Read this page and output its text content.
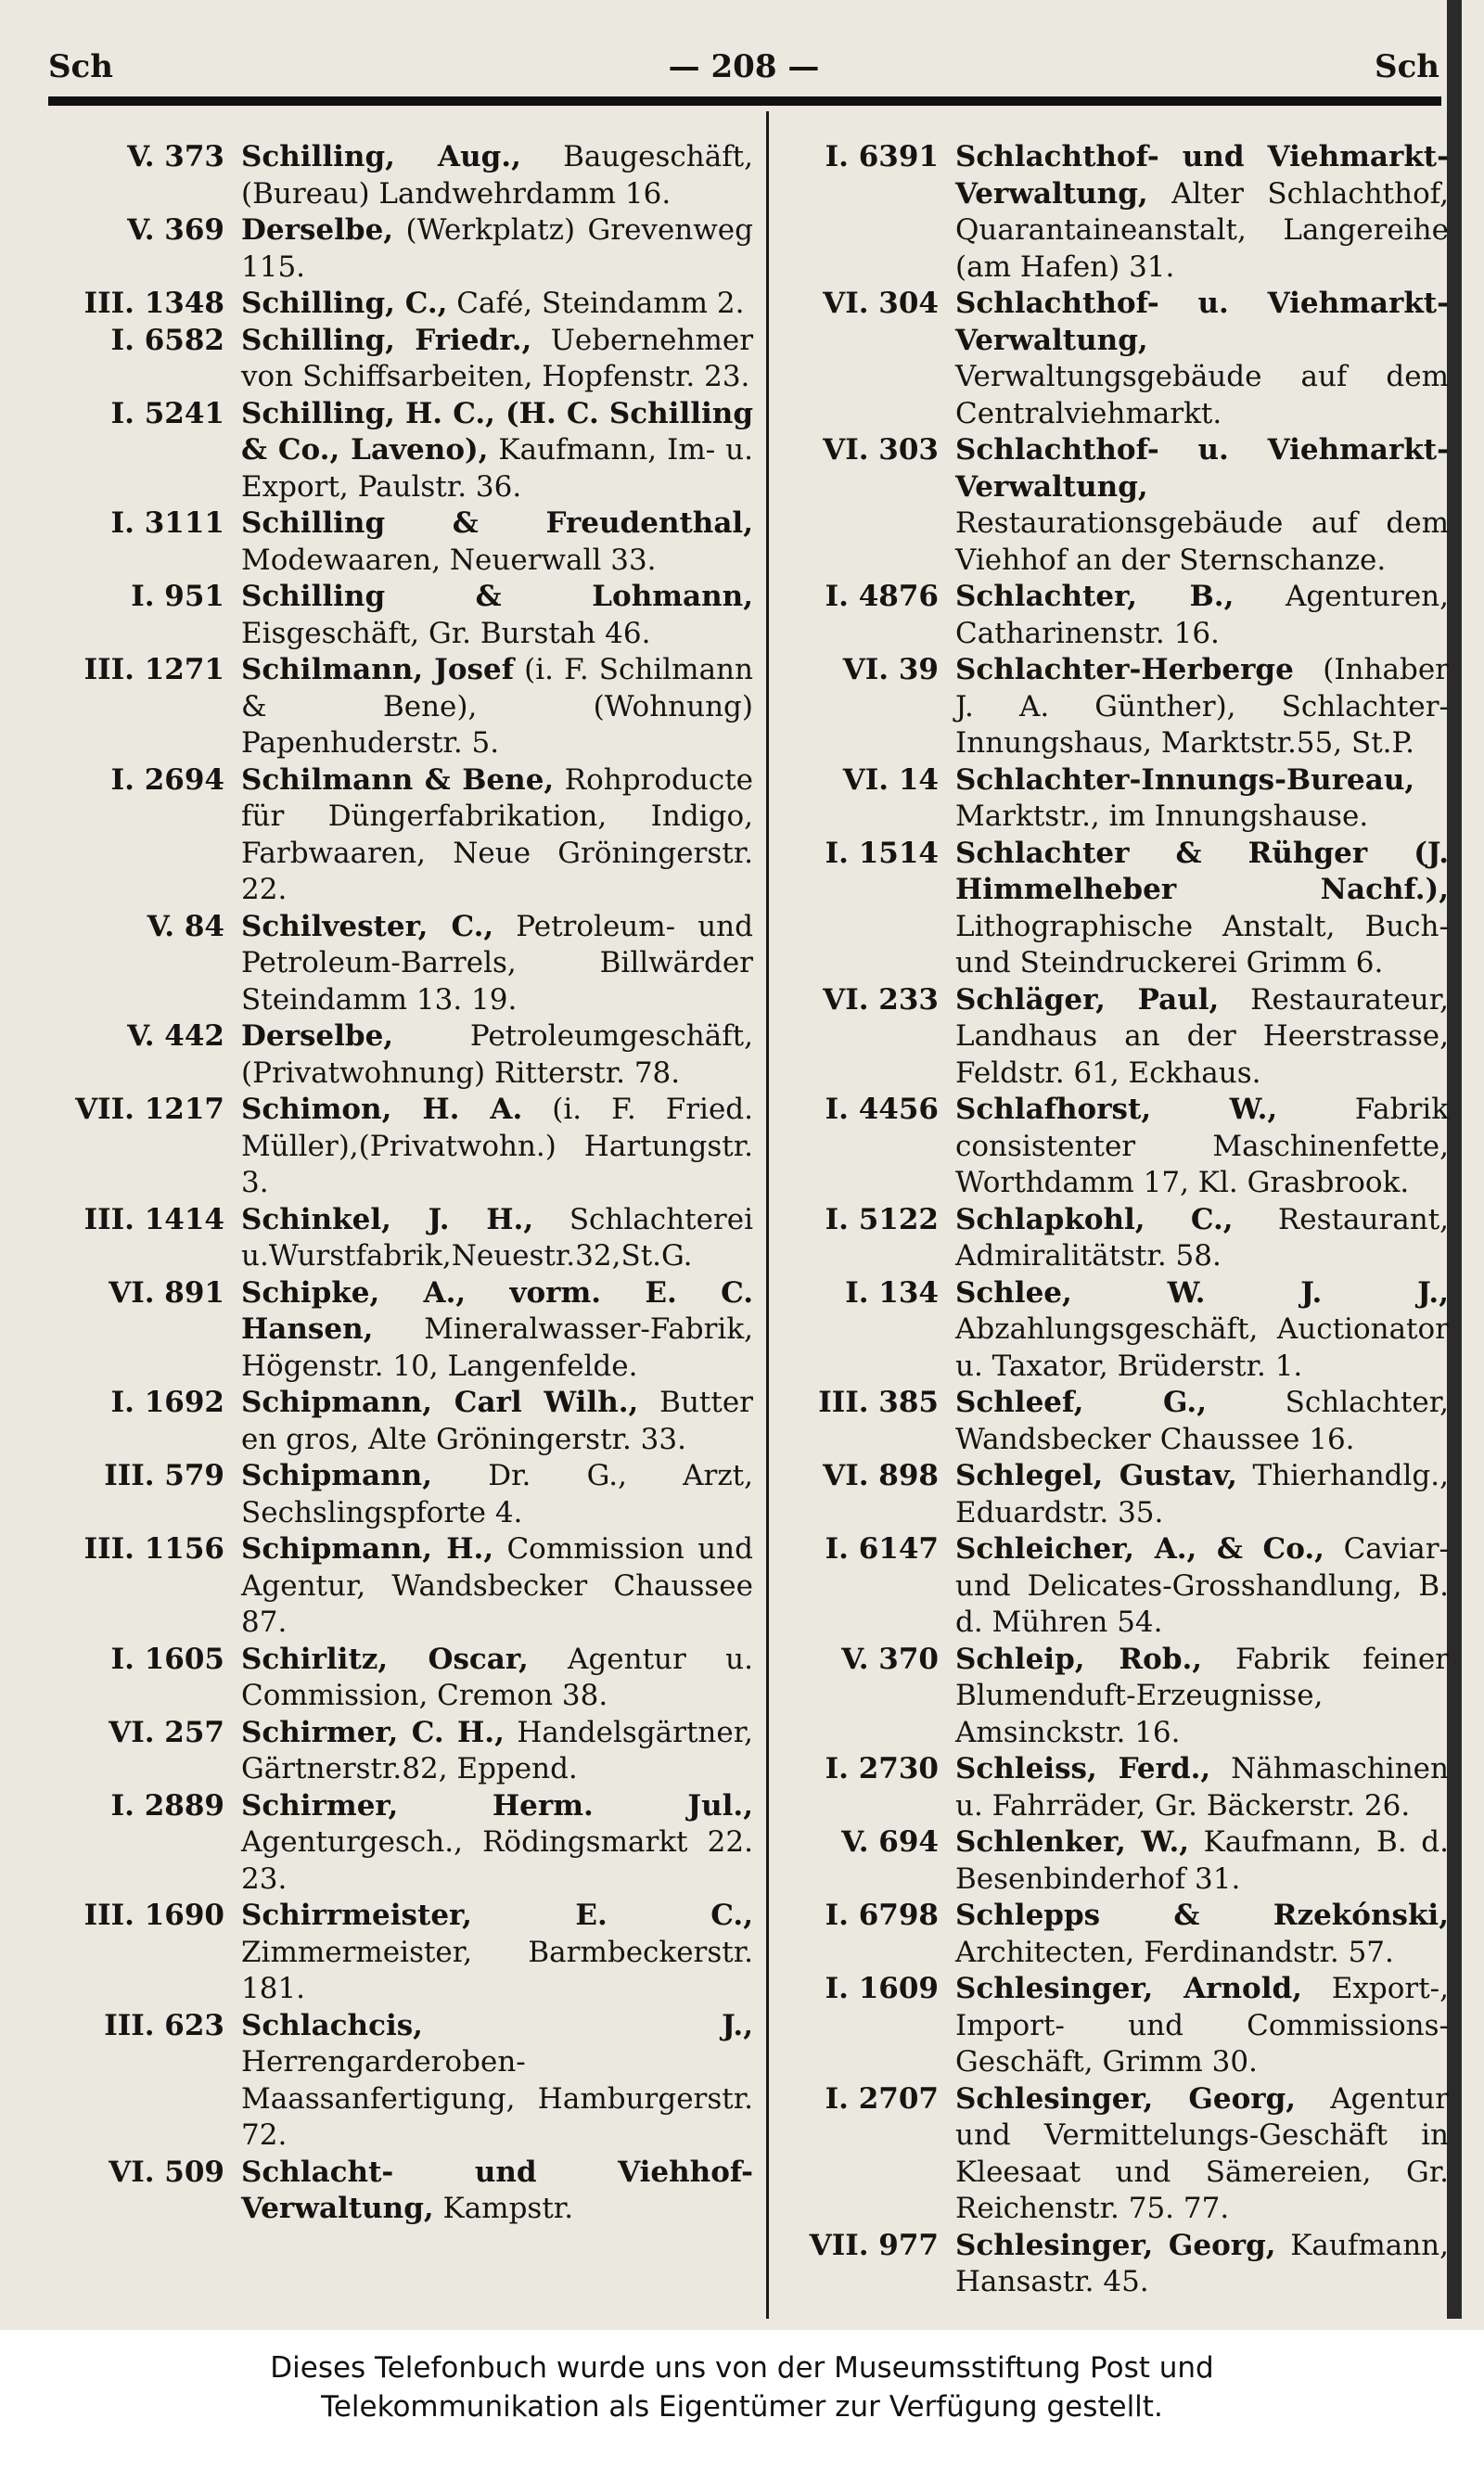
Sch	— 208 —	Sch
V. 373 Schilling, Aug., Baugeschäft, (Bureau) Landwehrdamm 16.
V. 369 Derselbe, (Werkplatz) Grevenweg 115.
III. 1348 Schilling, C., Café, Steindamm 2.
I. 6582 Schilling, Friedr., Uebernehmer von Schiffsarbeiten, Hopfenstr. 23.
I. 5241 Schilling, H. C., (H. C. Schilling & Co., Laveno), Kaufmann, Im- u. Export, Paulstr. 36.
I. 3111 Schilling & Freudenthal, Modewaaren, Neuerwall 33.
I. 951 Schilling & Lohmann, Eisgeschäft, Gr. Burstah 46.
III. 1271 Schilmann, Josef (i. F. Schilmann & Bene), (Wohnung) Papenhuderstr. 5.
I. 2694 Schilmann & Bene, Rohproducte für Düngerfabrikation, Indigo, Farbwaaren, Neue Gröningerstr. 22.
V. 84 Schilvester, C., Petroleum- und Petroleum-Barrels, Billwärder Steindamm 13. 19.
V. 442 Derselbe, Petroleumgeschäft, (Privatwohnung) Ritterstr. 78.
VII. 1217 Schimon, H. A. (i. F. Fried. Müller),(Privatwohn.) Hartungstr. 3.
III. 1414 Schinkel, J. H., Schlachterei u.Wurstfabrik,Neuestr.32,St.G.
VI. 891 Schipke, A., vorm. E. C. Hansen, Mineralwasser-Fabrik, Högenstr. 10, Langenfelde.
I. 1692 Schipmann, Carl Wilh., Butter en gros, Alte Gröningerstr. 33.
III. 579 Schipmann, Dr. G., Arzt, Sechslingspforte 4.
III. 1156 Schipmann, H., Commission und Agentur, Wandsbecker Chaussee 87.
I. 1605 Schirlitz, Oscar, Agentur u. Commission, Cremon 38.
VI. 257 Schirmer, C. H., Handelsgärtner, Gärtnerstr.82, Eppend.
I. 2889 Schirmer, Herm. Jul., Agenturgesch., Rödingsmarkt 22. 23.
III. 1690 Schirrmeister, E. C., Zimmermeister, Barmbeckerstr. 181.
III. 623 Schlachcis, J., Herrengarderoben-Maassanfertigung, Hamburgerstr. 72.
VI. 509 Schlacht- und Viehhof-Verwaltung, Kampstr.
I. 6391 Schlachthof- und Viehmarkt-Verwaltung, Alter Schlachthof, Quarantaineanstalt, Langereihe (am Hafen) 31.
VI. 304 Schlachthof- u. Viehmarkt-Verwaltung, Verwaltungsgebäude auf dem Centralviehmarkt.
VI. 303 Schlachthof- u. Viehmarkt-Verwaltung, Restaurationsgebäude auf dem Viehhof an der Sternschanze.
I. 4876 Schlachter, B., Agenturen, Catharinenstr. 16.
VI. 39 Schlachter-Herberge (Inhaber J. A. Günther), Schlachter-Innungshaus, Marktstr.55, St.P.
VI. 14 Schlachter-Innungs-Bureau, Marktstr., im Innungshause.
I. 1514 Schlachter & Rühger (J. Himmelheber Nachf.), Lithographische Anstalt, Buch- und Steindruckerei Grimm 6.
VI. 233 Schläger, Paul, Restaurateur, Landhaus an der Heerstrasse, Feldstr. 61, Eckhaus.
I. 4456 Schlafhorst, W., Fabrik consistenter Maschinenfette, Worthdamm 17, Kl. Grasbrook.
I. 5122 Schlapkohl, C., Restaurant, Admiralitätstr. 58.
I. 134 Schlee, W. J. J., Abzahlungsgeschäft, Auctionator u. Taxator, Brüderstr. 1.
III. 385 Schleef, G., Schlachter, Wandsbecker Chaussee 16.
VI. 898 Schlegel, Gustav, Thierhandlg., Eduardstr. 35.
I. 6147 Schleicher, A., & Co., Caviar- und Delicates-Grosshandlung, B. d. Mühren 54.
V. 370 Schleip, Rob., Fabrik feiner Blumenduft-Erzeugnisse, Amsinckstr. 16.
I. 2730 Schleiss, Ferd., Nähmaschinen u. Fahrräder, Gr. Bäckerstr. 26.
V. 694 Schlenker, W., Kaufmann, B. d. Besenbinderhof 31.
I. 6798 Schlepps & Rzekónski, Architecten, Ferdinandstr. 57.
I. 1609 Schlesinger, Arnold, Export-, Import- und Commissions-Geschäft, Grimm 30.
I. 2707 Schlesinger, Georg, Agentur und Vermittelungs-Geschäft in Kleesaat und Sämereien, Gr. Reichenstr. 75. 77.
VII. 977 Schlesinger, Georg, Kaufmann, Hansastr. 45.
Dieses Telefonbuch wurde uns von der Museumsstiftung Post und
Telekommunikation als Eigentümer zur Verfügung gestellt.
